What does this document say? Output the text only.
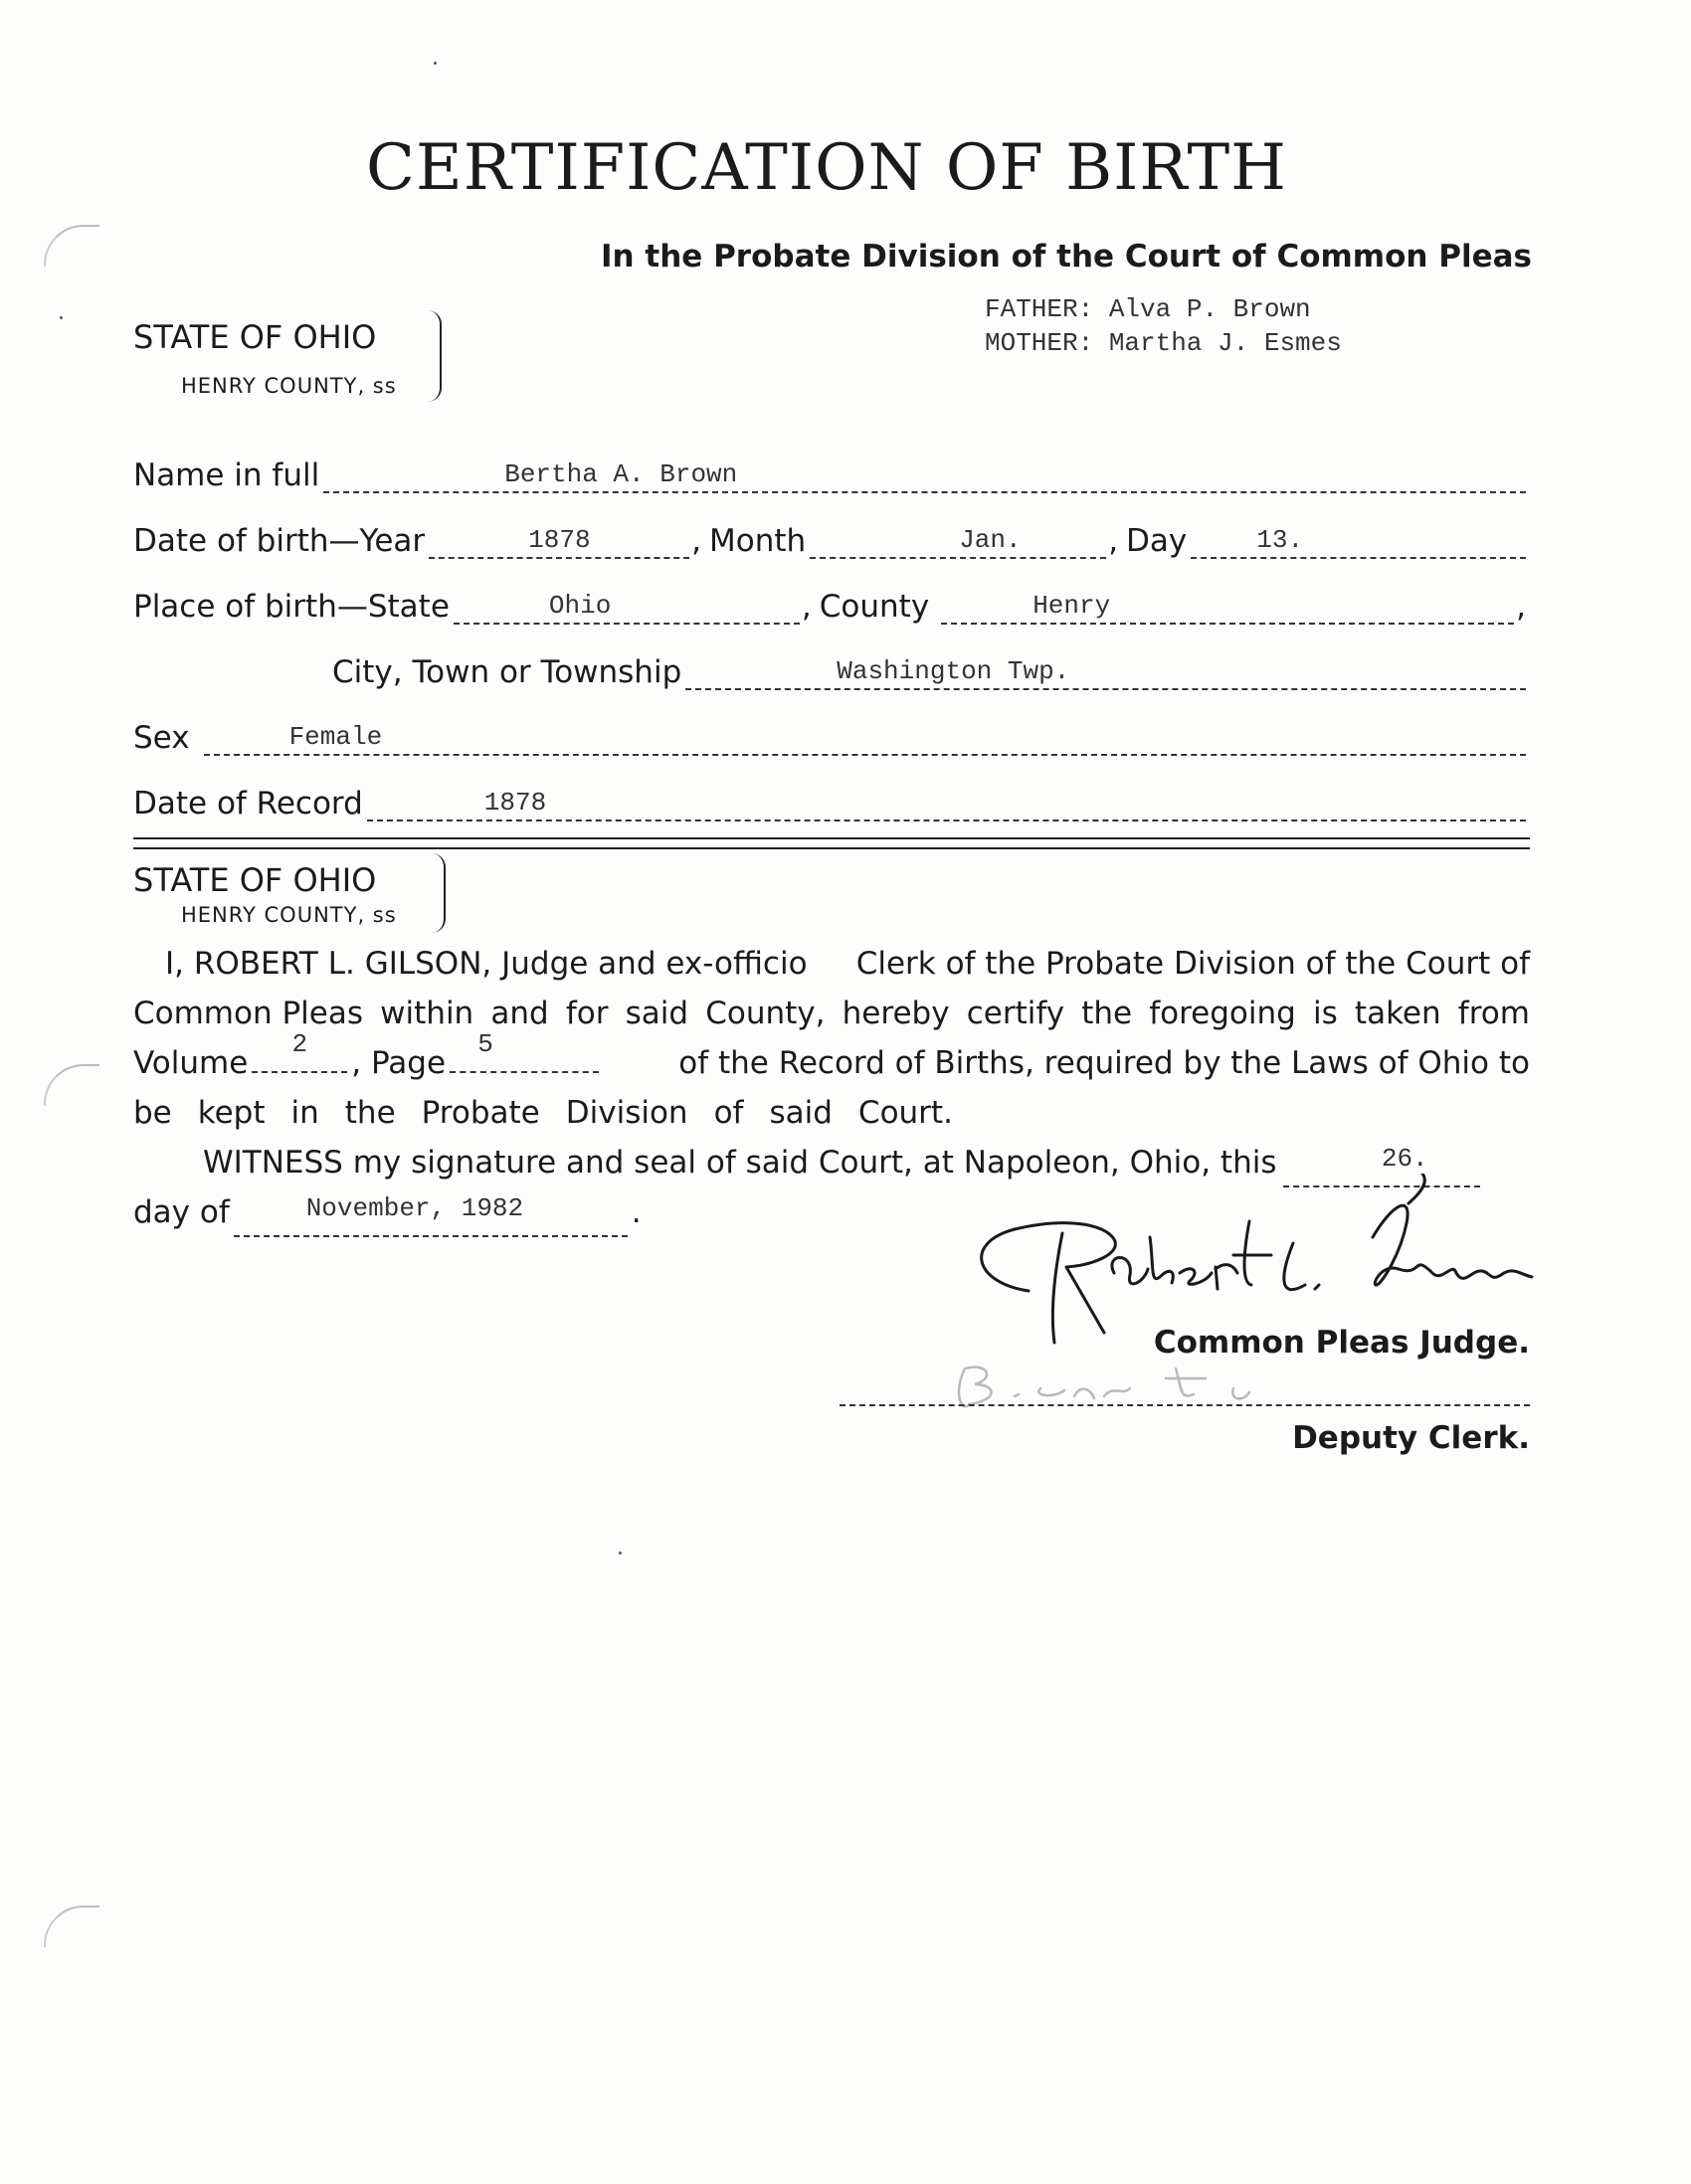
CERTIFICATION OF BIRTH
In the Probate Division of the Court of Common Pleas
FATHER: Alva P. Brown
MOTHER: Martha J. Esmes
STATE OF OHIO
HENRY COUNTY, ss
Name in full	Bertha A. Brown
Date of birth—Year	1878	, Month	Jan.	, Day	13.
Place of birth—State	Ohio	, County	Henry	,
City, Town or Township	Washington Twp.
Sex	Female
Date of Record	1878
STATE OF OHIO
HENRY COUNTY, ss
I, ROBERT L. GILSON, Judge and ex-officio Clerk of the Probate Division of the Court of
Common Pleas within and for said County, hereby certify the foregoing is taken from
Volume
2
, Page
5
of the Record of Births, required by the Laws of Ohio to
be kept in the Probate Division of said Court.
WITNESS my signature and seal of said Court, at Napoleon, Ohio, this	26.
day of	November, 1982	.
Common Pleas Judge.
Deputy Clerk.
